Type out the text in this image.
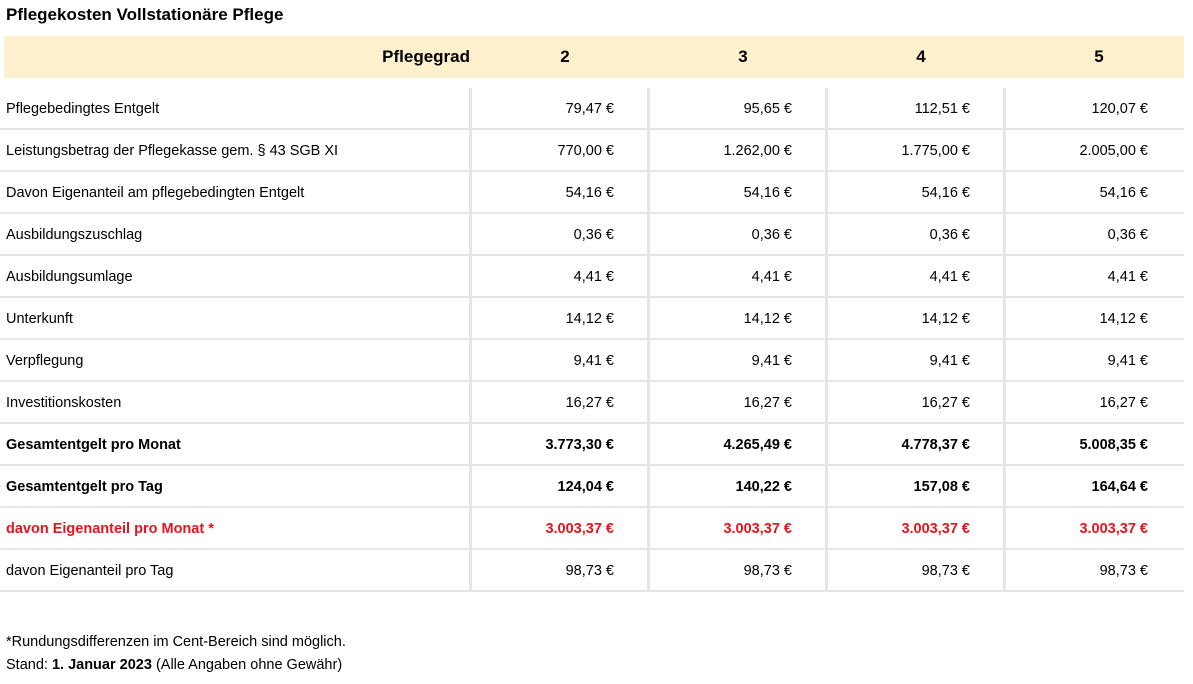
Pflegekosten Vollstationäre Pflege
Pflegegrad	2	3	4	5
Pflegebedingtes Entgelt	79,47 €	95,65 €	112,51 €	120,07 €
Leistungsbetrag der Pflegekasse gem. § 43 SGB XI	770,00 €	1.262,00 €	1.775,00 €	2.005,00 €
Davon Eigenanteil am pflegebedingten Entgelt	54,16 €	54,16 €	54,16 €	54,16 €
Ausbildungszuschlag	0,36 €	0,36 €	0,36 €	0,36 €
Ausbildungsumlage	4,41 €	4,41 €	4,41 €	4,41 €
Unterkunft	14,12 €	14,12 €	14,12 €	14,12 €
Verpflegung	9,41 €	9,41 €	9,41 €	9,41 €
Investitionskosten	16,27 €	16,27 €	16,27 €	16,27 €
Gesamtentgelt pro Monat	3.773,30 €	4.265,49 €	4.778,37 €	5.008,35 €
Gesamtentgelt pro Tag	124,04 €	140,22 €	157,08 €	164,64 €
davon Eigenanteil pro Monat *	3.003,37 €	3.003,37 €	3.003,37 €	3.003,37 €
davon Eigenanteil pro Tag	98,73 €	98,73 €	98,73 €	98,73 €
*Rundungsdifferenzen im Cent-Bereich sind möglich.
Stand: 1. Januar 2023 (Alle Angaben ohne Gewähr)
